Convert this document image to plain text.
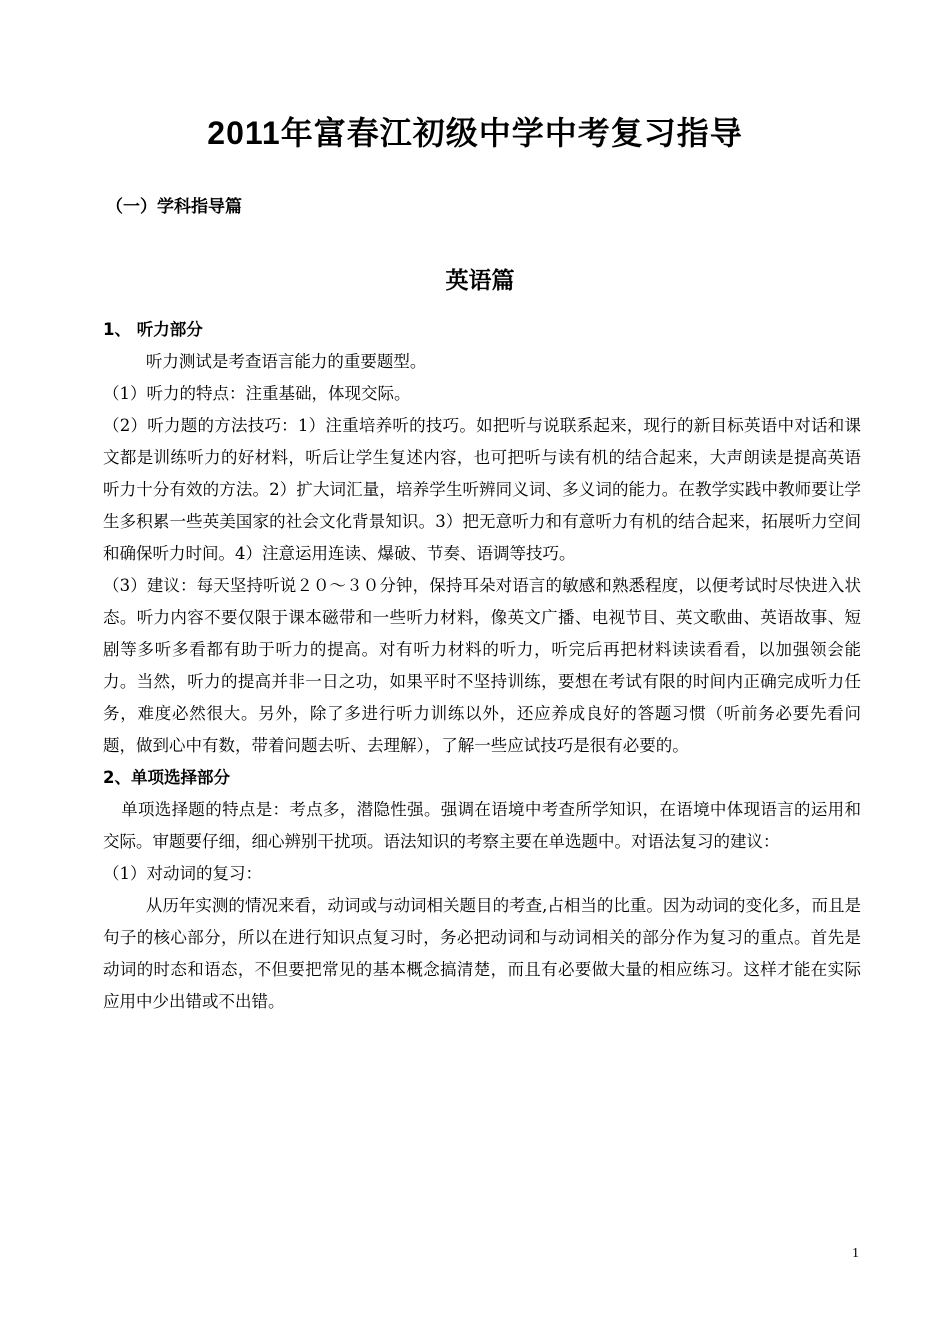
2011年富春江初级中学中考复习指导
（一）学科指导篇
英语篇

1、 听力部分

听力测试是考查语言能力的重要题型。

（1）听力的特点：注重基础，体现交际。

（2）听力题的方法技巧：1）注重培养听的技巧。如把听与说联系起来，现行的新目标英语中对话和课文都是训练听力的好材料，听后让学生复述内容，也可把听与读有机的结合起来，大声朗读是提高英语听力十分有效的方法。2）扩大词汇量，培养学生听辨同义词、多义词的能力。在教学实践中教师要让学生多积累一些英美国家的社会文化背景知识。3）把无意听力和有意听力有机的结合起来，拓展听力空间和确保听力时间。4）注意运用连读、爆破、节奏、语调等技巧。

（3）建议：每天坚持听说２０～３０分钟，保持耳朵对语言的敏感和熟悉程度，以便考试时尽快进入状态。听力内容不要仅限于课本磁带和一些听力材料，像英文广播、电视节目、英文歌曲、英语故事、短剧等多听多看都有助于听力的提高。对有听力材料的听力，听完后再把材料读读看看，以加强领会能力。当然，听力的提高并非一日之功，如果平时不坚持训练，要想在考试有限的时间内正确完成听力任务，难度必然很大。另外，除了多进行听力训练以外，还应养成良好的答题习惯（听前务必要先看问题，做到心中有数，带着问题去听、去理解），了解一些应试技巧是很有必要的。

2、单项选择部分

单项选择题的特点是：考点多，潜隐性强。强调在语境中考查所学知识，在语境中体现语言的运用和交际。审题要仔细，细心辨别干扰项。语法知识的考察主要在单选题中。对语法复习的建议：

（1）对动词的复习：

从历年实测的情况来看，动词或与动词相关题目的考查,占相当的比重。因为动词的变化多，而且是句子的核心部分，所以在进行知识点复习时，务必把动词和与动词相关的部分作为复习的重点。首先是动词的时态和语态，不但要把常见的基本概念搞清楚，而且有必要做大量的相应练习。这样才能在实际应用中少出错或不出错。

1
